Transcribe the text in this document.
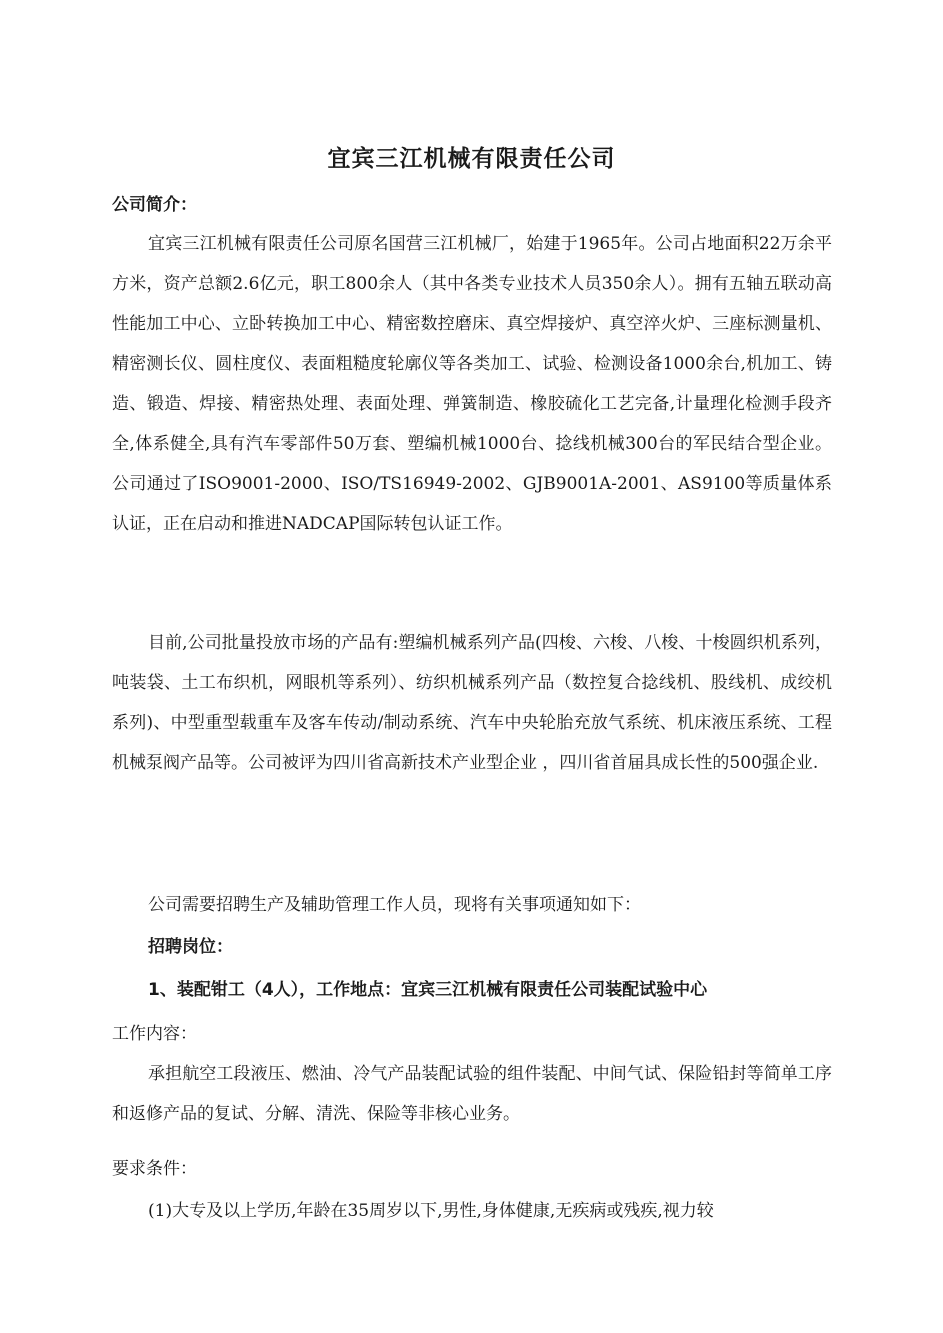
宜宾三江机械有限责任公司
公司简介：

宜宾三江机械有限责任公司原名国营三江机械厂，始建于1965年。公司占地面积22万余平方米，资产总额2.6亿元，职工800余人（其中各类专业技术人员350余人）。拥有五轴五联动高性能加工中心、立卧转换加工中心、精密数控磨床、真空焊接炉、真空淬火炉、三座标测量机、精密测长仪、圆柱度仪、表面粗糙度轮廓仪等各类加工、试验、检测设备1000余台,机加工、铸造、锻造、焊接、精密热处理、表面处理、弹簧制造、橡胶硫化工艺完备,计量理化检测手段齐全,体系健全,具有汽车零部件50万套、塑编机械1000台、捻线机械300台的军民结合型企业。公司通过了ISO9001-2000、ISO/TS16949-2002、GJB9001A-2001、AS9100等质量体系认证，正在启动和推进NADCAP国际转包认证工作。

目前,公司批量投放市场的产品有:塑编机械系列产品(四梭、六梭、八梭、十梭圆织机系列，吨装袋、土工布织机，网眼机等系列）、纺织机械系列产品（数控复合捻线机、股线机、成绞机系列)、中型重型载重车及客车传动/制动系统、汽车中央轮胎充放气系统、机床液压系统、工程机械泵阀产品等。公司被评为四川省高新技术产业型企业 ，四川省首届具成长性的500强企业.

公司需要招聘生产及辅助管理工作人员，现将有关事项通知如下：
招聘岗位：
1、装配钳工（4人），工作地点：宜宾三江机械有限责任公司装配试验中心
工作内容：

承担航空工段液压、燃油、冷气产品装配试验的组件装配、中间气试、保险铅封等简单工序和返修产品的复试、分解、清洗、保险等非核心业务。

要求条件：
(1)大专及以上学历,年龄在35周岁以下,男性,身体健康,无疾病或残疾,视力较
